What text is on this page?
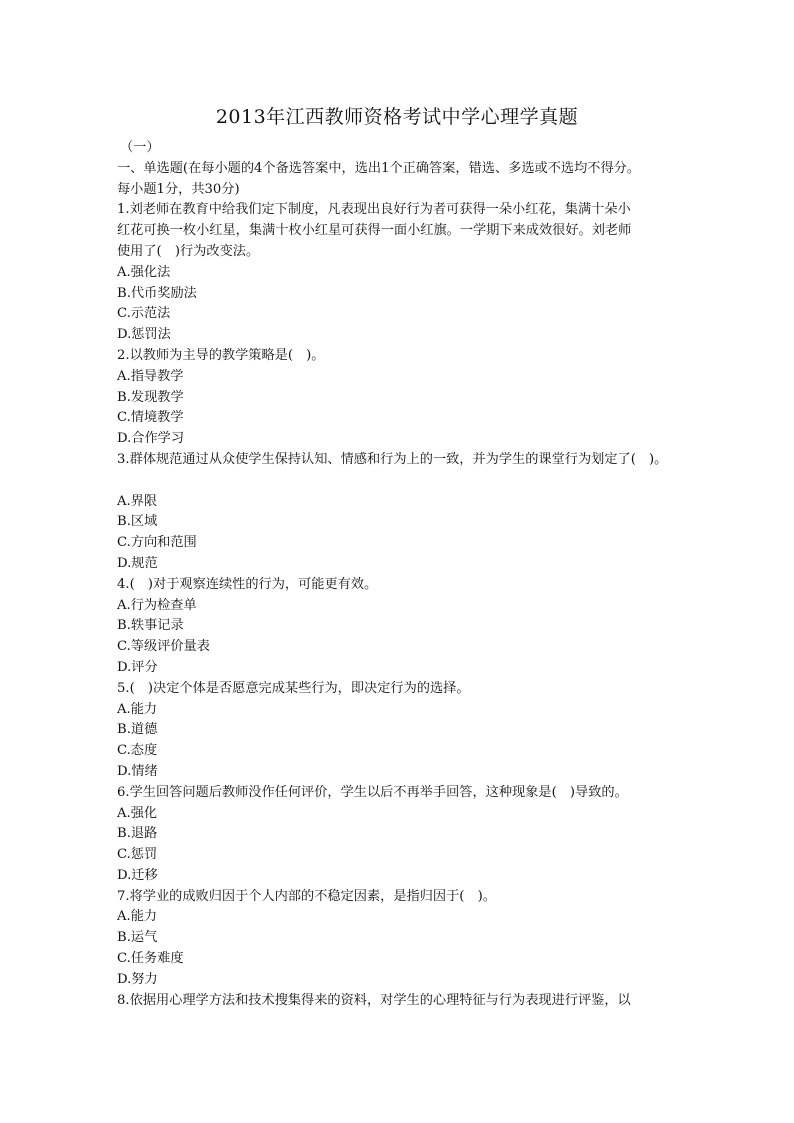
2013年江西教师资格考试中学心理学真题
（一）
一、单选题(在每小题的4个备选答案中，选出1个正确答案，错选、多选或不选均不得分。
每小题1分，共30分)
1.刘老师在教育中给我们定下制度，凡表现出良好行为者可获得一朵小红花，集满十朵小
红花可换一枚小红星，集满十枚小红星可获得一面小红旗。一学期下来成效很好。刘老师
使用了(　)行为改变法。
A.强化法
B.代币奖励法
C.示范法
D.惩罚法
2.以教师为主导的教学策略是(　)。
A.指导教学
B.发现教学
C.情境教学
D.合作学习
3.群体规范通过从众使学生保持认知、情感和行为上的一致，并为学生的课堂行为划定了(　)。
A.界限
B.区域
C.方向和范围
D.规范
4.(　)对于观察连续性的行为，可能更有效。
A.行为检查单
B.轶事记录
C.等级评价量表
D.评分
5.(　)决定个体是否愿意完成某些行为，即决定行为的选择。
A.能力
B.道德
C.态度
D.情绪
6.学生回答问题后教师没作任何评价，学生以后不再举手回答，这种现象是(　)导致的。
A.强化
B.退路
C.惩罚
D.迁移
7.将学业的成败归因于个人内部的不稳定因素，是指归因于(　)。
A.能力
B.运气
C.任务难度
D.努力
8.依据用心理学方法和技术搜集得来的资料，对学生的心理特征与行为表现进行评鉴，以
